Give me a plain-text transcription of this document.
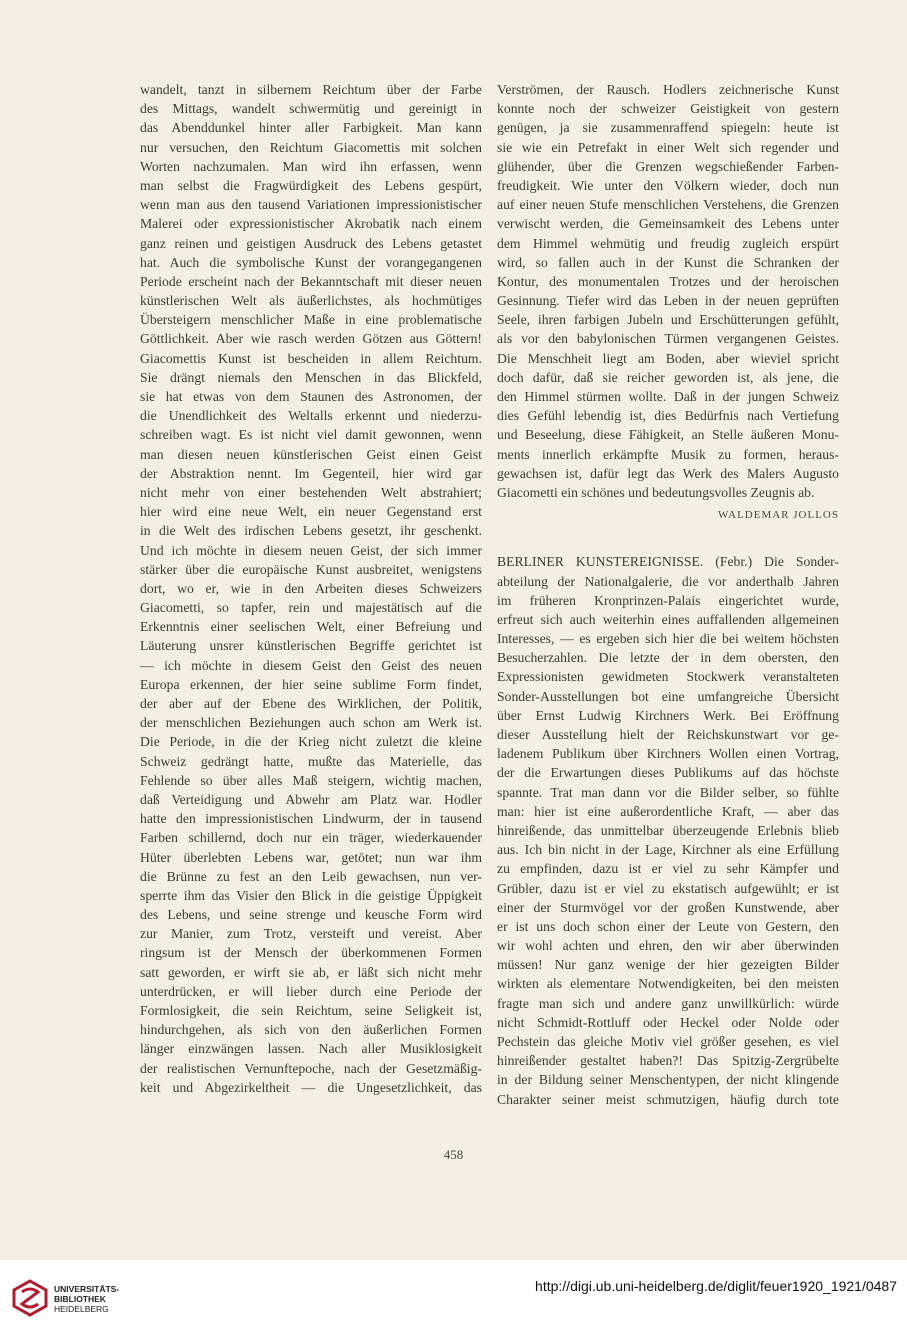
wandelt, tanzt in silbernem Reichtum über der Farbe
des Mittags, wandelt schwermütig und gereinigt in
das Abenddunkel hinter aller Farbigkeit. Man kann
nur versuchen, den Reichtum Giacomettis mit solchen
Worten nachzumalen. Man wird ihn erfassen, wenn
man selbst die Fragwürdigkeit des Lebens gespürt,
wenn man aus den tausend Variationen impressionistischer
Malerei oder expressionistischer Akrobatik nach einem
ganz reinen und geistigen Ausdruck des Lebens getastet
hat. Auch die symbolische Kunst der vorangegangenen
Periode erscheint nach der Bekanntschaft mit dieser neuen
künstlerischen Welt als äußerlichstes, als hochmütiges
Übersteigern menschlicher Maße in eine problematische
Göttlichkeit. Aber wie rasch werden Götzen aus Göttern!
Giacomettis Kunst ist bescheiden in allem Reichtum.
Sie drängt niemals den Menschen in das Blickfeld,
sie hat etwas von dem Staunen des Astronomen, der
die Unendlichkeit des Weltalls erkennt und niederzu-
schreiben wagt. Es ist nicht viel damit gewonnen, wenn
man diesen neuen künstlerischen Geist einen Geist
der Abstraktion nennt. Im Gegenteil, hier wird gar
nicht mehr von einer bestehenden Welt abstrahiert;
hier wird eine neue Welt, ein neuer Gegenstand erst
in die Welt des irdischen Lebens gesetzt, ihr geschenkt.
Und ich möchte in diesem neuen Geist, der sich immer
stärker über die europäische Kunst ausbreitet, wenigstens
dort, wo er, wie in den Arbeiten dieses Schweizers
Giacometti, so tapfer, rein und majestätisch auf die
Erkenntnis einer seelischen Welt, einer Befreiung und
Läuterung unsrer künstlerischen Begriffe gerichtet ist
— ich möchte in diesem Geist den Geist des neuen
Europa erkennen, der hier seine sublime Form findet,
der aber auf der Ebene des Wirklichen, der Politik,
der menschlichen Beziehungen auch schon am Werk ist.
Die Periode, in die der Krieg nicht zuletzt die kleine
Schweiz gedrängt hatte, mußte das Materielle, das
Fehlende so über alles Maß steigern, wichtig machen,
daß Verteidigung und Abwehr am Platz war. Hodler
hatte den impressionistischen Lindwurm, der in tausend
Farben schillernd, doch nur ein träger, wiederkauender
Hüter überlebten Lebens war, getötet; nun war ihm
die Brünne zu fest an den Leib gewachsen, nun ver-
sperrte ihm das Visier den Blick in die geistige Üppigkeit
des Lebens, und seine strenge und keusche Form wird
zur Manier, zum Trotz, versteift und vereist. Aber
ringsum ist der Mensch der überkommenen Formen
satt geworden, er wirft sie ab, er läßt sich nicht mehr
unterdrücken, er will lieber durch eine Periode der
Formlosigkeit, die sein Reichtum, seine Seligkeit ist,
hindurchgehen, als sich von den äußerlichen Formen
länger einzwängen lassen. Nach aller Musiklosigkeit
der realistischen Vernunftepoche, nach der Gesetzmäßig-
keit und Abgezirkeltheit — die Ungesetzlichkeit, das
Verströmen, der Rausch. Hodlers zeichnerische Kunst
konnte noch der schweizer Geistigkeit von gestern
genügen, ja sie zusammenraffend spiegeln: heute ist
sie wie ein Petrefakt in einer Welt sich regender und
glühender, über die Grenzen wegschießender Farben-
freudigkeit. Wie unter den Völkern wieder, doch nun
auf einer neuen Stufe menschlichen Verstehens, die Grenzen
verwischt werden, die Gemeinsamkeit des Lebens unter
dem Himmel wehmütig und freudig zugleich erspürt
wird, so fallen auch in der Kunst die Schranken der
Kontur, des monumentalen Trotzes und der heroischen
Gesinnung. Tiefer wird das Leben in der neuen geprüften
Seele, ihren farbigen Jubeln und Erschütterungen gefühlt,
als vor den babylonischen Türmen vergangenen Geistes.
Die Menschheit liegt am Boden, aber wieviel spricht
doch dafür, daß sie reicher geworden ist, als jene, die
den Himmel stürmen wollte. Daß in der jungen Schweiz
dies Gefühl lebendig ist, dies Bedürfnis nach Vertiefung
und Beseelung, diese Fähigkeit, an Stelle äußeren Monu-
ments innerlich erkämpfte Musik zu formen, heraus-
gewachsen ist, dafür legt das Werk des Malers Augusto
Giacometti ein schönes und bedeutungsvolles Zeugnis ab.
WALDEMAR JOLLOS
BERLINER KUNSTEREIGNISSE. (Febr.) Die Sonder-
abteilung der Nationalgalerie, die vor anderthalb Jahren
im früheren Kronprinzen-Palais eingerichtet wurde,
erfreut sich auch weiterhin eines auffallenden allgemeinen
Interesses, — es ergeben sich hier die bei weitem höchsten
Besucherzahlen. Die letzte der in dem obersten, den
Expressionisten gewidmeten Stockwerk veranstalteten
Sonder-Ausstellungen bot eine umfangreiche Übersicht
über Ernst Ludwig Kirchners Werk. Bei Eröffnung
dieser Ausstellung hielt der Reichskunstwart vor ge-
ladenem Publikum über Kirchners Wollen einen Vortrag,
der die Erwartungen dieses Publikums auf das höchste
spannte. Trat man dann vor die Bilder selber, so fühlte
man: hier ist eine außerordentliche Kraft, — aber das
hinreißende, das unmittelbar überzeugende Erlebnis blieb
aus. Ich bin nicht in der Lage, Kirchner als eine Erfüllung
zu empfinden, dazu ist er viel zu sehr Kämpfer und
Grübler, dazu ist er viel zu ekstatisch aufgewühlt; er ist
einer der Sturmvögel vor der großen Kunstwende, aber
er ist uns doch schon einer der Leute von Gestern, den
wir wohl achten und ehren, den wir aber überwinden
müssen! Nur ganz wenige der hier gezeigten Bilder
wirkten als elementare Notwendigkeiten, bei den meisten
fragte man sich und andere ganz unwillkürlich: würde
nicht Schmidt-Rottluff oder Heckel oder Nolde oder
Pechstein das gleiche Motiv viel größer gesehen, es viel
hinreißender gestaltet haben?! Das Spitzig-Zergrübelte
in der Bildung seiner Menschentypen, der nicht klingende
Charakter seiner meist schmutzigen, häufig durch tote
458
UNIVERSITÄTS-
BIBLIOTHEK
HEIDELBERG
http://digi.ub.uni-heidelberg.de/diglit/feuer1920_1921/0487
